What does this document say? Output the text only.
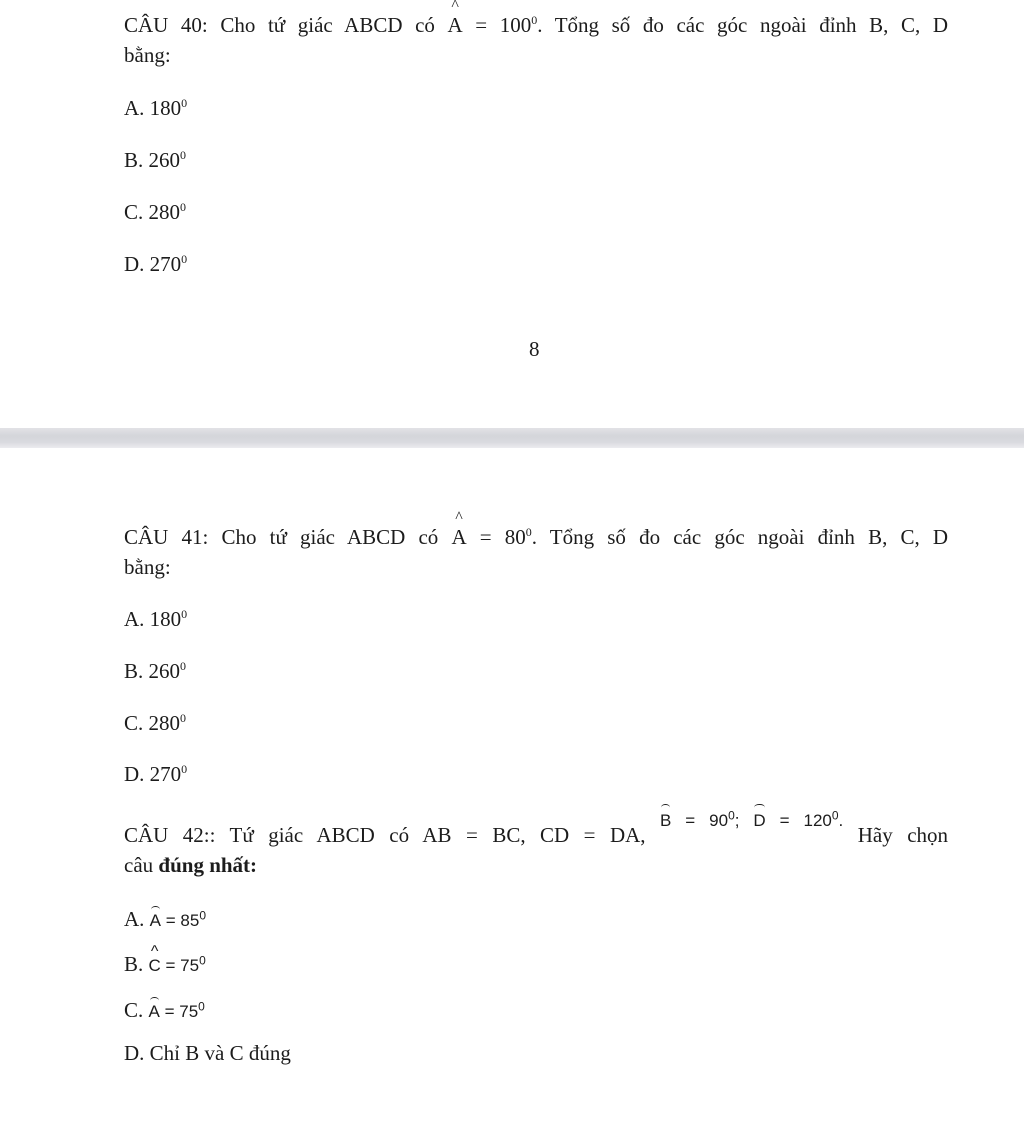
CÂU 40: Cho tứ giác ABCD có ^ $A = 100^0$. Tổng số đo các góc ngoài đỉnh B, C, D
bằng:
A. $180^0$
B. $260^0$
C. $280^0$
D. $270^0$
8
CÂU 41: Cho tứ giác ABCD có ^ $A = 80^0$. Tổng số đo các góc ngoài đỉnh B, C, D
bằng:
A. $180^0$
B. $260^0$
C. $280^0$
D. $270^0$
CÂU 42:: Tứ giác ABCD có AB = BC, CD = DA, $^{B = 90^0; D = 120^0.}$ Hãy chọn
câu đúng nhất:
A. $A = 85^0$
B. ^ $C = 75^0$
C. $A = 75^0$
D. Chỉ B và C đúng
